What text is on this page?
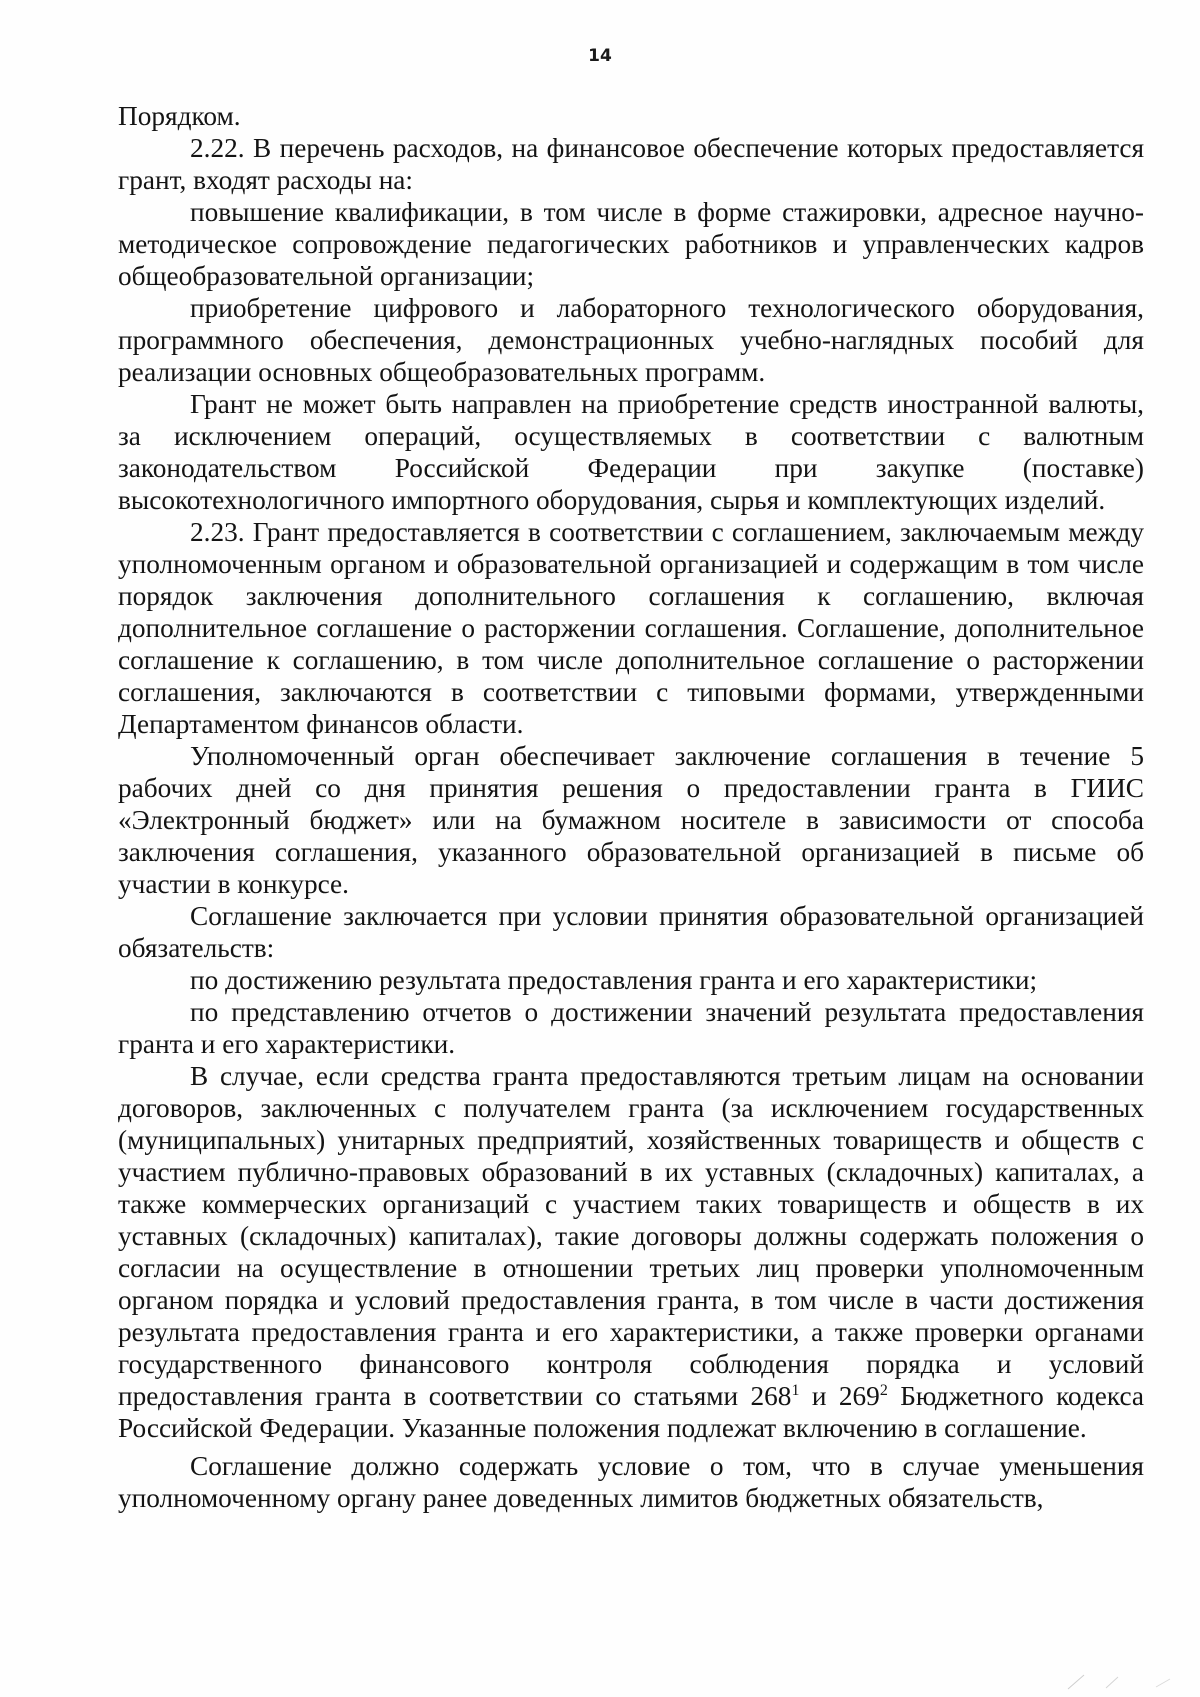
14

Порядком.

2.22. В перечень расходов, на финансовое обеспечение которых предоставляется грант, входят расходы на:

повышение квалификации, в том числе в форме стажировки, адресное научно-методическое сопровождение педагогических работников и управленческих кадров общеобразовательной организации;

приобретение цифрового и лабораторного технологического оборудования, программного обеспечения, демонстрационных учебно-наглядных пособий для реализации основных общеобразовательных программ.

Грант не может быть направлен на приобретение средств иностранной валюты, за исключением операций, осуществляемых в соответствии с валютным законодательством Российской Федерации при закупке (поставке) высокотехнологичного импортного оборудования, сырья и комплектующих изделий.

2.23. Грант предоставляется в соответствии с соглашением, заключаемым между уполномоченным органом и образовательной организацией и содержащим в том числе порядок заключения дополнительного соглашения к соглашению, включая дополнительное соглашение о расторжении соглашения. Соглашение, дополнительное соглашение к соглашению, в том числе дополнительное соглашение о расторжении соглашения, заключаются в соответствии с типовыми формами, утвержденными Департаментом финансов области.

Уполномоченный орган обеспечивает заключение соглашения в течение 5 рабочих дней со дня принятия решения о предоставлении гранта в ГИИС «Электронный бюджет» или на бумажном носителе в зависимости от способа заключения соглашения, указанного образовательной организацией в письме об участии в конкурсе.

Соглашение заключается при условии принятия образовательной организацией обязательств:

по достижению результата предоставления гранта и его характеристики;

по представлению отчетов о достижении значений результата предоставления гранта и его характеристики.

В случае, если средства гранта предоставляются третьим лицам на основании договоров, заключенных с получателем гранта (за исключением государственных (муниципальных) унитарных предприятий, хозяйственных товариществ и обществ с участием публично-правовых образований в их уставных (складочных) капиталах, а также коммерческих организаций с участием таких товариществ и обществ в их уставных (складочных) капиталах), такие договоры должны содержать положения о согласии на осуществление в отношении третьих лиц проверки уполномоченным органом порядка и условий предоставления гранта, в том числе в части достижения результата предоставления гранта и его характеристики, а также проверки органами государственного финансового контроля соблюдения порядка и условий предоставления гранта в соответствии со статьями $268^1$ и $269^2$ Бюджетного кодекса Российской Федерации. Указанные положения подлежат включению в соглашение.

Соглашение должно содержать условие о том, что в случае уменьшения уполномоченному органу ранее доведенных лимитов бюджетных обязательств,
